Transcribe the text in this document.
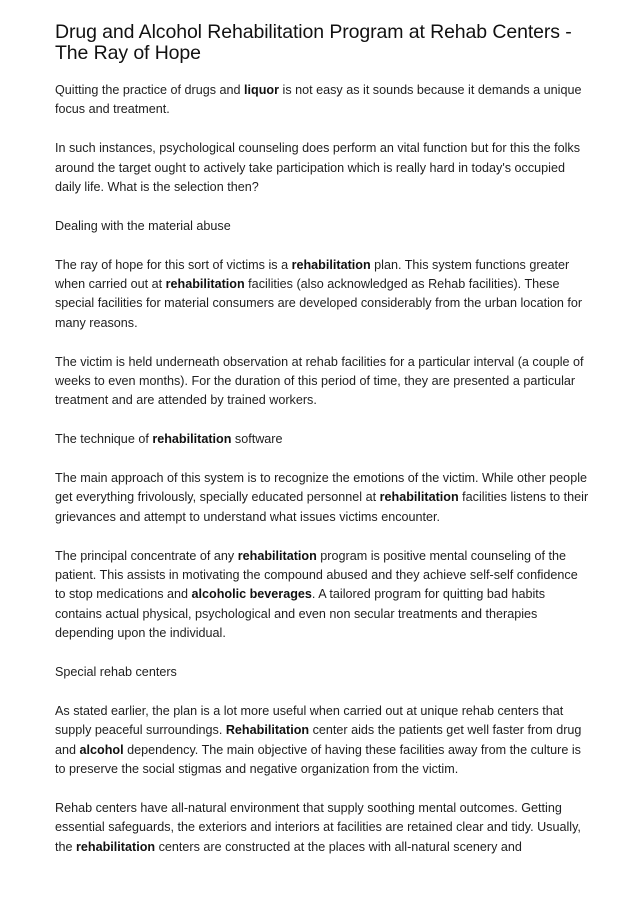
Drug and Alcohol Rehabilitation Program at Rehab Centers - The Ray of Hope

Quitting the practice of drugs and liquor is not easy as it sounds because it demands a unique focus and treatment.

In such instances, psychological counseling does perform an vital function but for this the folks around the target ought to actively take participation which is really hard in today's occupied daily life. What is the selection then?

Dealing with the material abuse

The ray of hope for this sort of victims is a rehabilitation plan. This system functions greater when carried out at rehabilitation facilities (also acknowledged as Rehab facilities). These special facilities for material consumers are developed considerably from the urban location for many reasons.

The victim is held underneath observation at rehab facilities for a particular interval (a couple of weeks to even months). For the duration of this period of time, they are presented a particular treatment and are attended by trained workers.

The technique of rehabilitation software

The main approach of this system is to recognize the emotions of the victim. While other people get everything frivolously, specially educated personnel at rehabilitation facilities listens to their grievances and attempt to understand what issues victims encounter.

The principal concentrate of any rehabilitation program is positive mental counseling of the patient. This assists in motivating the compound abused and they achieve self-self confidence to stop medications and alcoholic beverages. A tailored program for quitting bad habits contains actual physical, psychological and even non secular treatments and therapies depending upon the individual.

Special rehab centers

As stated earlier, the plan is a lot more useful when carried out at unique rehab centers that supply peaceful surroundings. Rehabilitation center aids the patients get well faster from drug and alcohol dependency. The main objective of having these facilities away from the culture is to preserve the social stigmas and negative organization from the victim.

Rehab centers have all-natural environment that supply soothing mental outcomes. Getting essential safeguards, the exteriors and interiors at facilities are retained clear and tidy. Usually, the rehabilitation centers are constructed at the places with all-natural scenery and
